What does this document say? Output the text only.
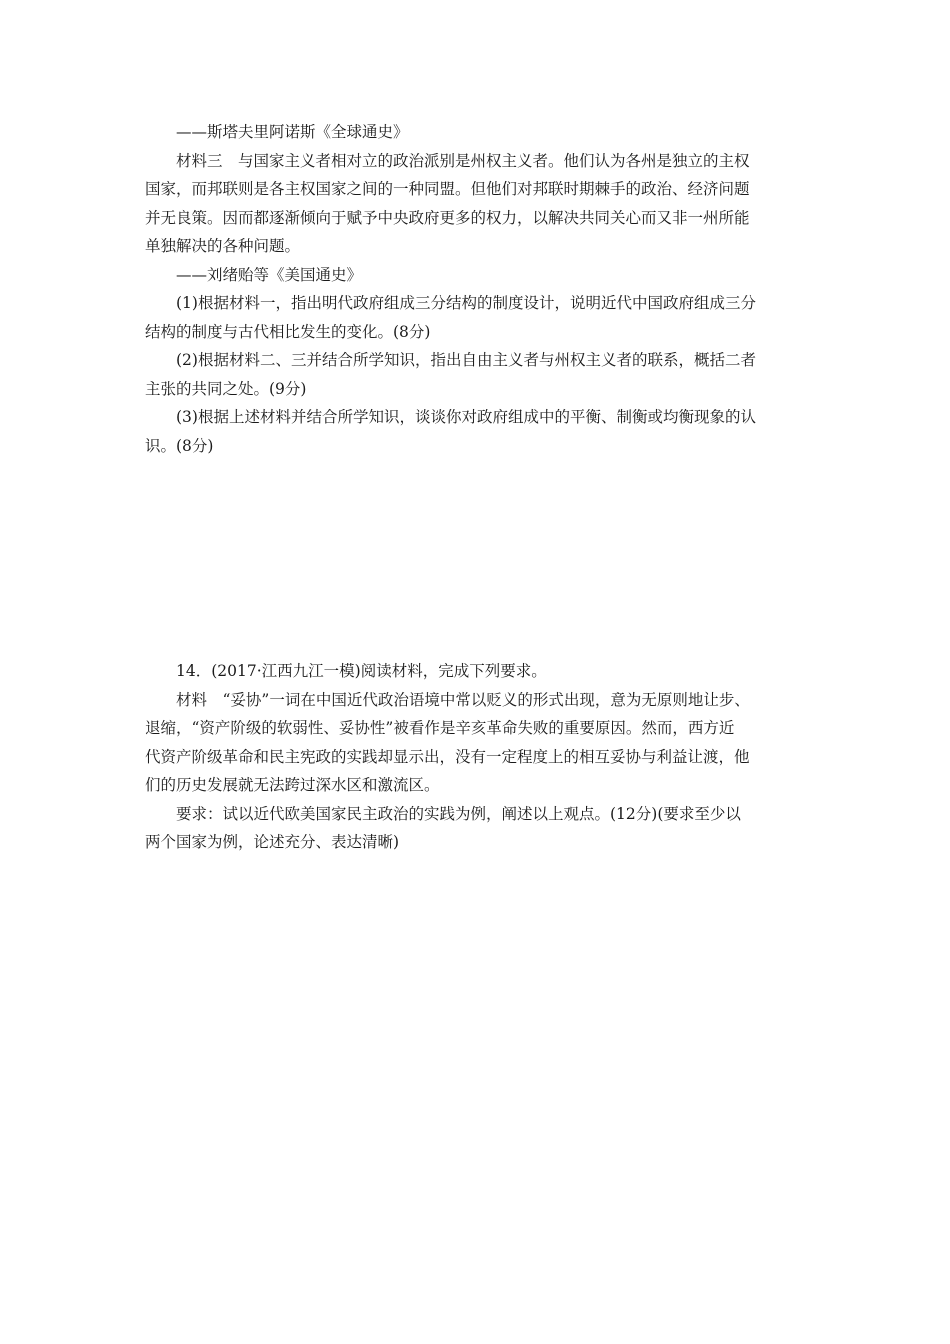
——斯塔夫里阿诺斯《全球通史》
材料三　与国家主义者相对立的政治派别是州权主义者。他们认为各州是独立的主权
国家，而邦联则是各主权国家之间的一种同盟。但他们对邦联时期棘手的政治、经济问题
并无良策。因而都逐渐倾向于赋予中央政府更多的权力，以解决共同关心而又非一州所能
单独解决的各种问题。
——刘绪贻等《美国通史》
(1)根据材料一，指出明代政府组成三分结构的制度设计，说明近代中国政府组成三分
结构的制度与古代相比发生的变化。(8分)
(2)根据材料二、三并结合所学知识，指出自由主义者与州权主义者的联系，概括二者
主张的共同之处。(9分)
(3)根据上述材料并结合所学知识，谈谈你对政府组成中的平衡、制衡或均衡现象的认
识。(8分)
14．(2017·江西九江一模)阅读材料，完成下列要求。
材料　“妥协”一词在中国近代政治语境中常以贬义的形式出现，意为无原则地让步、
退缩，“资产阶级的软弱性、妥协性”被看作是辛亥革命失败的重要原因。然而，西方近
代资产阶级革命和民主宪政的实践却显示出，没有一定程度上的相互妥协与利益让渡，他
们的历史发展就无法跨过深水区和激流区。
要求：试以近代欧美国家民主政治的实践为例，阐述以上观点。(12分)(要求至少以
两个国家为例，论述充分、表达清晰)
